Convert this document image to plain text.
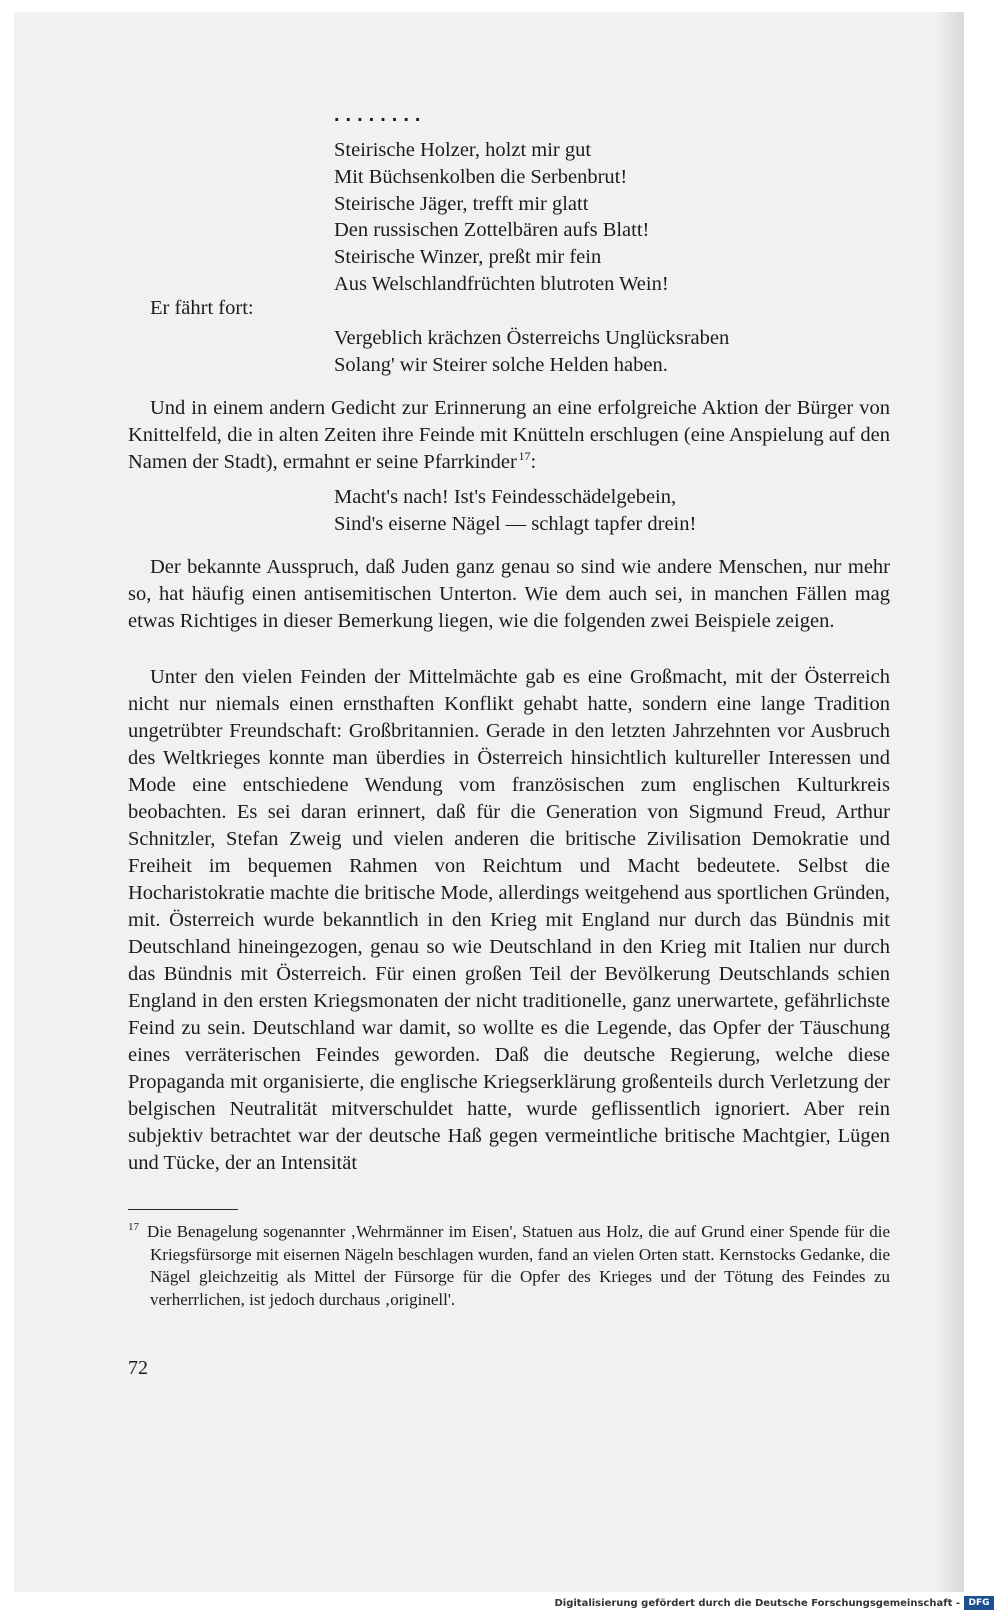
........
Steirische Holzer, holzt mir gut
Mit Büchsenkolben die Serbenbrut!
Steirische Jäger, trefft mir glatt
Den russischen Zottelbären aufs Blatt!
Steirische Winzer, preßt mir fein
Aus Welschlandfrüchten blutroten Wein!
Er fährt fort:
Vergeblich krächzen Österreichs Unglücksraben
Solang' wir Steirer solche Helden haben.

Und in einem andern Gedicht zur Erinnerung an eine erfolgreiche Aktion der Bürger von Knittelfeld, die in alten Zeiten ihre Feinde mit Knütteln erschlugen (eine Anspielung auf den Namen der Stadt), ermahnt er seine Pfarrkinder  $^{17}$:

Macht's nach! Ist's Feindesschädelgebein,
Sind's eiserne Nägel — schlagt tapfer drein!

Der bekannte Ausspruch, daß Juden ganz genau so sind wie andere Menschen, nur mehr so, hat häufig einen antisemitischen Unterton. Wie dem auch sei, in manchen Fällen mag etwas Richtiges in dieser Bemerkung liegen, wie die folgenden zwei Beispiele zeigen.

Unter den vielen Feinden der Mittelmächte gab es eine Großmacht, mit der Österreich nicht nur niemals einen ernsthaften Konflikt gehabt hatte, sondern eine lange Tradition ungetrübter Freundschaft: Großbritannien. Gerade in den letzten Jahrzehnten vor Ausbruch des Weltkrieges konnte man überdies in Österreich hinsichtlich kultureller Interessen und Mode eine entschiedene Wendung vom französischen zum englischen Kulturkreis beobachten. Es sei daran erinnert, daß für die Generation von Sigmund Freud, Arthur Schnitzler, Stefan Zweig und vielen anderen die britische Zivilisation Demokratie und Freiheit im bequemen Rahmen von Reichtum und Macht bedeutete. Selbst die Hocharistokratie machte die britische Mode, allerdings weitgehend aus sportlichen Gründen, mit. Österreich wurde bekanntlich in den Krieg mit England nur durch das Bündnis mit Deutschland hineingezogen, genau so wie Deutschland in den Krieg mit Italien nur durch das Bündnis mit Österreich. Für einen großen Teil der Bevölkerung Deutschlands schien England in den ersten Kriegsmonaten der nicht traditionelle, ganz unerwartete, gefährlichste Feind zu sein. Deutschland war damit, so wollte es die Legende, das Opfer der Täuschung eines verräterischen Feindes geworden. Daß die deutsche Regierung, welche diese Propaganda mit organisierte, die englische Kriegserklärung großenteils durch Verletzung der belgischen Neutralität mitverschuldet hatte, wurde geflissentlich ignoriert. Aber rein subjektiv betrachtet war der deutsche Haß gegen vermeintliche britische Machtgier, Lügen und Tücke, der an Intensität

$^{17}$ Die Benagelung sogenannter ‚Wehrmänner im Eisen', Statuen aus Holz, die auf Grund einer Spende für die Kriegsfürsorge mit eisernen Nägeln beschlagen wurden, fand an vielen Orten statt. Kernstocks Gedanke, die Nägel gleichzeitig als Mittel der Fürsorge für die Opfer des Krieges und der Tötung des Feindes zu verherrlichen, ist jedoch durchaus ‚originell'.
72
Digitalisierung gefördert durch die Deutsche Forschungsgemeinschaft - DFG
